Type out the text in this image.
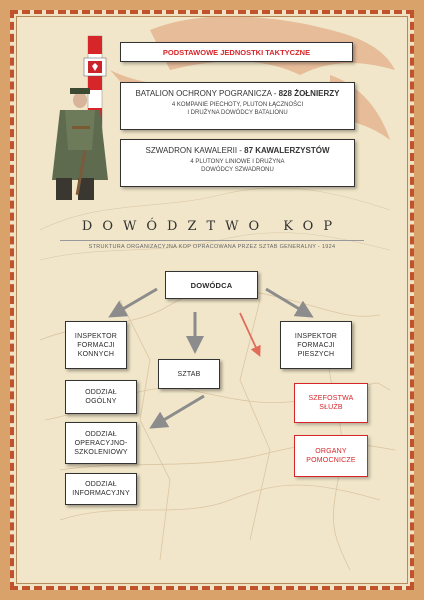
PODSTAWOWE JEDNOSTKI TAKTYCZNE
BATALION OCHRONY POGRANICZA - 828 ŻOŁNIERZY
4 KOMPANIE PIECHOTY, PLUTON ŁĄCZNOŚCI
I DRUŻYNA DOWÓDCY BATALIONU
SZWADRON KAWALERII - 87 KAWALERZYSTÓW
4 PLUTONY LINIOWE I DRUŻYNA
DOWÓDCY SZWADRONU
DOWÓDZTWO KOP
STRUKTURA ORGANIZACYJNA KOP OPRACOWANA PRZEZ SZTAB GENERALNY - 1924
DOWÓDCA
INSPEKTOR
FORMACJI
KONNYCH
SZTAB
INSPEKTOR
FORMACJI
PIESZYCH
ODDZIAŁ
OGÓLNY
ODDZIAŁ
OPERACYJNO-
SZKOLENIOWY
ODDZIAŁ
INFORMACYJNY
SZEFOSTWA
SŁUŻB
ORGANY
POMOCNICZE
